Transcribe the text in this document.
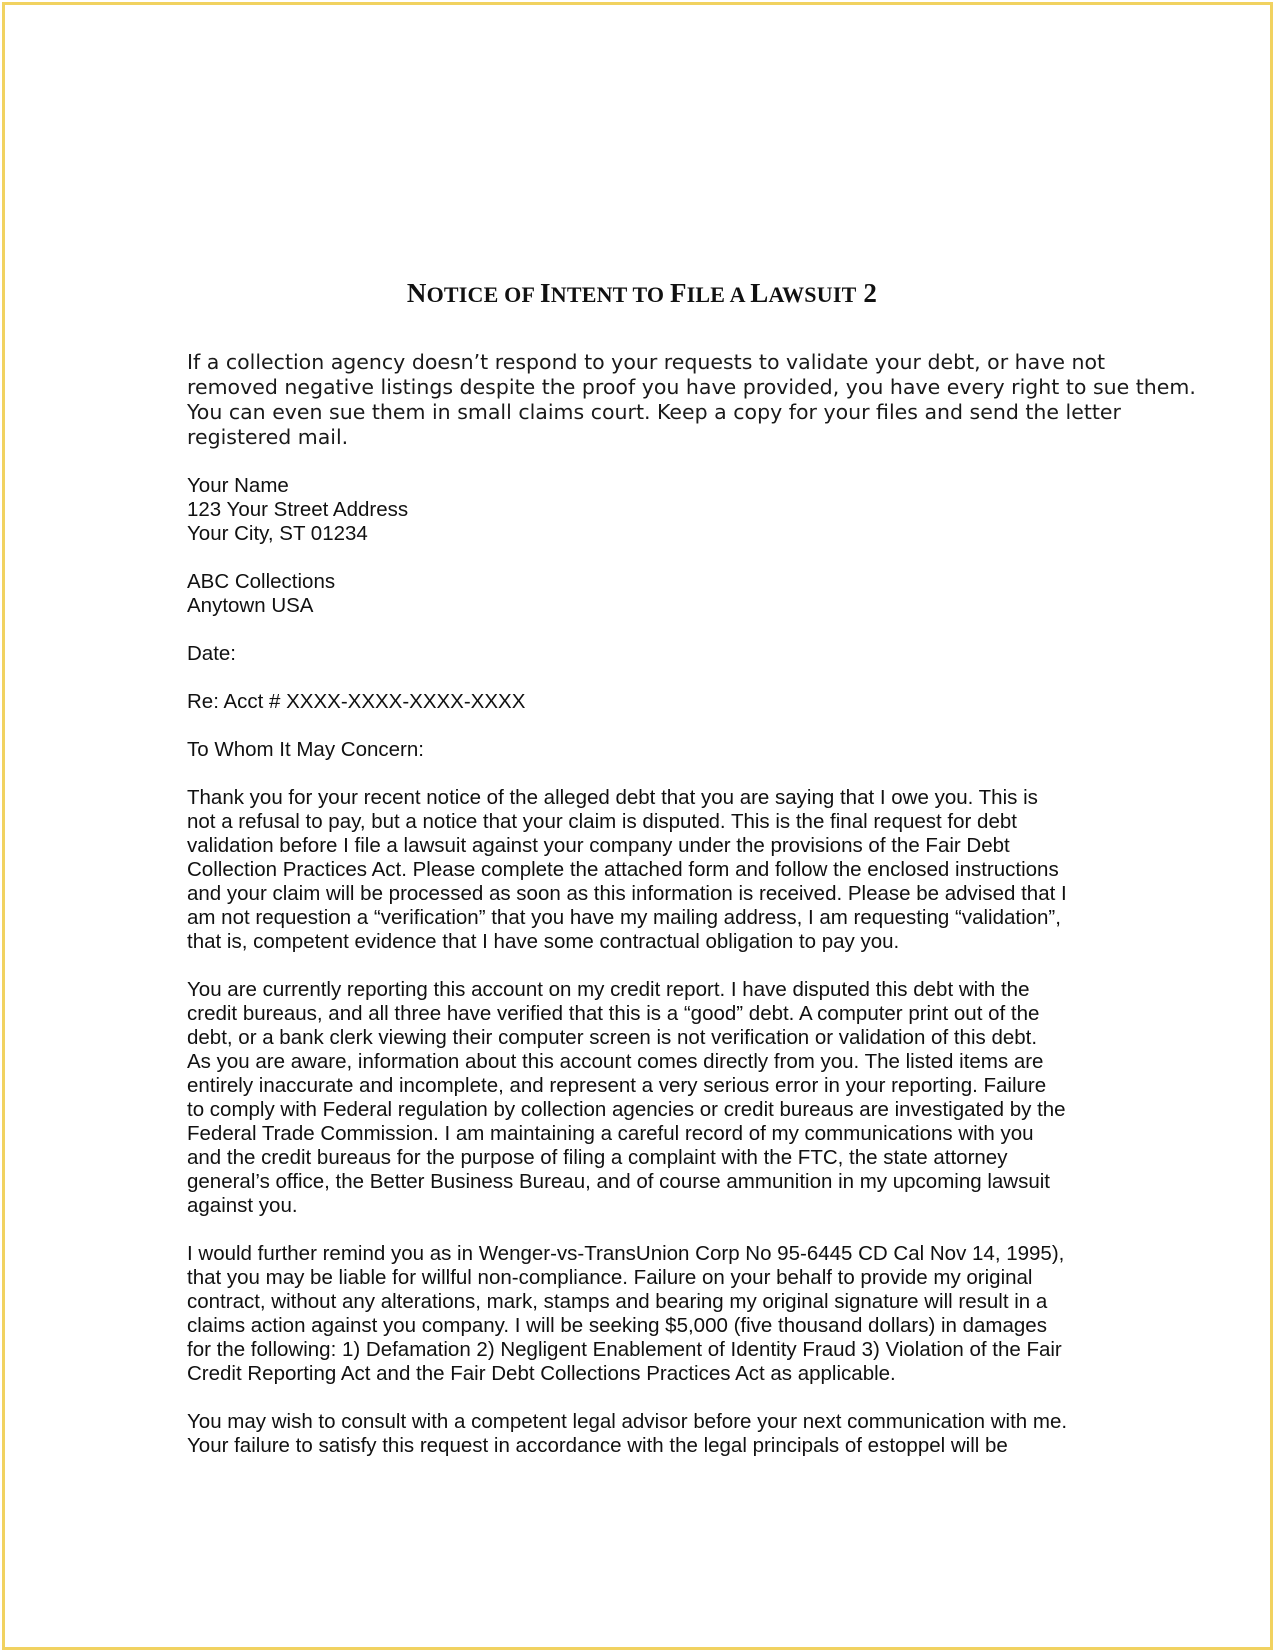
NOTICE OF INTENT TO FILE A LAWSUIT 2
If a collection agency doesn’t respond to your requests to validate your debt, or have not
removed negative listings despite the proof you have provided, you have every right to sue them.
You can even sue them in small claims court. Keep a copy for your files and send the letter
registered mail.

Your Name
123 Your Street Address
Your City, ST 01234

ABC Collections
Anytown USA

Date:

Re: Acct # XXXX-XXXX-XXXX-XXXX

To Whom It May Concern:

Thank you for your recent notice of the alleged debt that you are saying that I owe you. This is
not a refusal to pay, but a notice that your claim is disputed. This is the final request for debt
validation before I file a lawsuit against your company under the provisions of the Fair Debt
Collection Practices Act. Please complete the attached form and follow the enclosed instructions
and your claim will be processed as soon as this information is received. Please be advised that I
am not requestion a “verification” that you have my mailing address, I am requesting “validation”,
that is, competent evidence that I have some contractual obligation to pay you.

You are currently reporting this account on my credit report. I have disputed this debt with the
credit bureaus, and all three have verified that this is a “good” debt. A computer print out of the
debt, or a bank clerk viewing their computer screen is not verification or validation of this debt.
As you are aware, information about this account comes directly from you. The listed items are
entirely inaccurate and incomplete, and represent a very serious error in your reporting. Failure
to comply with Federal regulation by collection agencies or credit bureaus are investigated by the
Federal Trade Commission. I am maintaining a careful record of my communications with you
and the credit bureaus for the purpose of filing a complaint with the FTC, the state attorney
general’s office, the Better Business Bureau, and of course ammunition in my upcoming lawsuit
against you.

I would further remind you as in Wenger-vs-TransUnion Corp No 95-6445 CD Cal Nov 14, 1995),
that you may be liable for willful non-compliance. Failure on your behalf to provide my original
contract, without any alterations, mark, stamps and bearing my original signature will result in a
claims action against you company. I will be seeking $5,000 (five thousand dollars) in damages
for the following: 1) Defamation 2) Negligent Enablement of Identity Fraud 3) Violation of the Fair
Credit Reporting Act and the Fair Debt Collections Practices Act as applicable.

You may wish to consult with a competent legal advisor before your next communication with me.
Your failure to satisfy this request in accordance with the legal principals of estoppel will be
